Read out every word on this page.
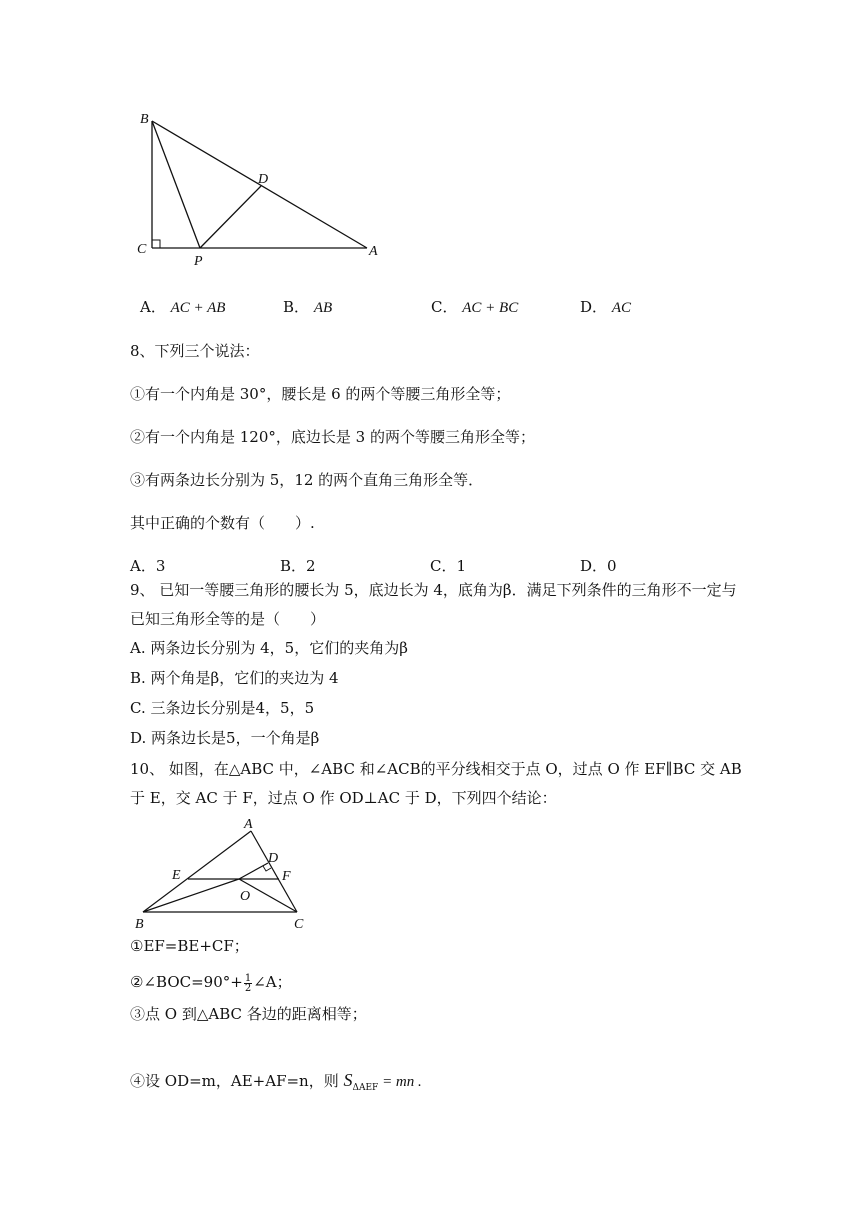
B
C
D
P
A
A． AC + AB	B． AB	C． AC + BC	D． AC
8、下列三个说法：
①有一个内角是 30°，腰长是 6 的两个等腰三角形全等；
②有一个内角是 120°，底边长是 3 的两个等腰三角形全等；
③有两条边长分别为 5，12 的两个直角三角形全等．
其中正确的个数有（　　）.
A．3	B．2	C．1	D．0
9、 已知一等腰三角形的腰长为 5，底边长为 4，底角为β．满足下列条件的三角形不一定与
已知三角形全等的是（　　）
A. 两条边长分别为 4，5，它们的夹角为β
B. 两个角是β，它们的夹边为 4
C. 三条边长分别是4，5，5
D. 两条边长是5，一个角是β
10、 如图，在△ABC 中，∠ABC 和∠ACB的平分线相交于点 O，过点 O 作 EF∥BC 交 AB
于 E，交 AC 于 F，过点 O 作 OD⊥AC 于 D，下列四个结论：
A
D
E	F
O
B	C
①EF=BE+CF；
②∠BOC=90°+ $\frac{1}{2}$ ∠A；
③点 O 到△ABC 各边的距离相等；
④设 OD=m，AE+AF=n，则 $S_{\Delta AEF}$ = mn .
